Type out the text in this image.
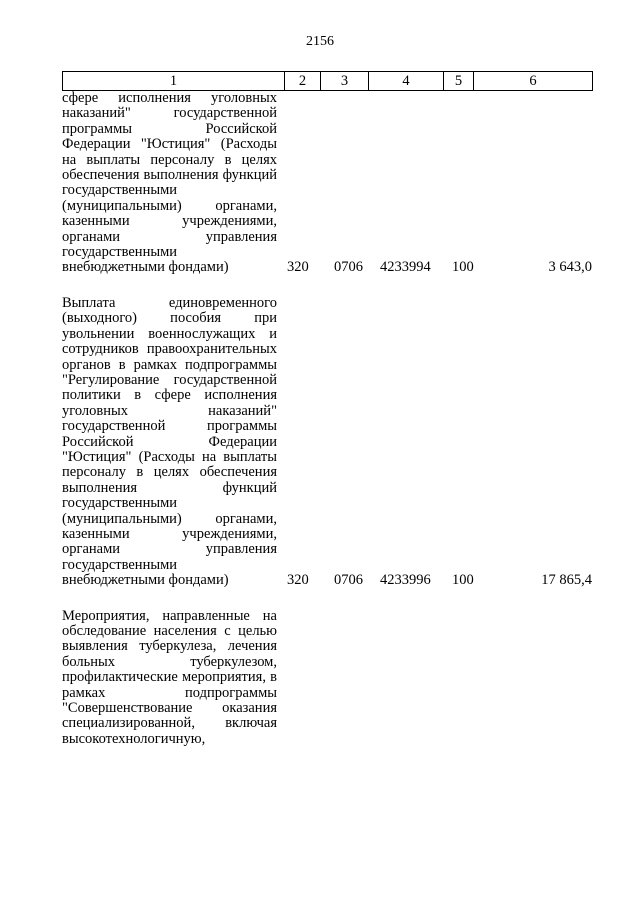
2156
1	2	3	4	5	6
сфере исполнения уголовных наказаний" государственной программы Российской Федерации "Юстиция" (Расходы на выплаты персоналу в целях обеспечения выполнения функций государственными (муниципальными) органами, казенными учреждениями, органами управления государственными внебюджетными фондами)	320	0706	4233994	100	3 643,0
Выплата единовременного (выходного) пособия при увольнении военнослужащих и сотрудников правоохранительных органов в рамках подпрограммы "Регулирование государственной политики в сфере исполнения уголовных наказаний" государственной программы Российской Федерации "Юстиция" (Расходы на выплаты персоналу в целях обеспечения выполнения функций государственными (муниципальными) органами, казенными учреждениями, органами управления государственными внебюджетными фондами)	320	0706	4233996	100	17 865,4
Мероприятия, направленные на обследование населения с целью выявления туберкулеза, лечения больных туберкулезом, профилактические мероприятия, в рамках подпрограммы "Совершенствование оказания специализированной, включая высокотехнологичную,
